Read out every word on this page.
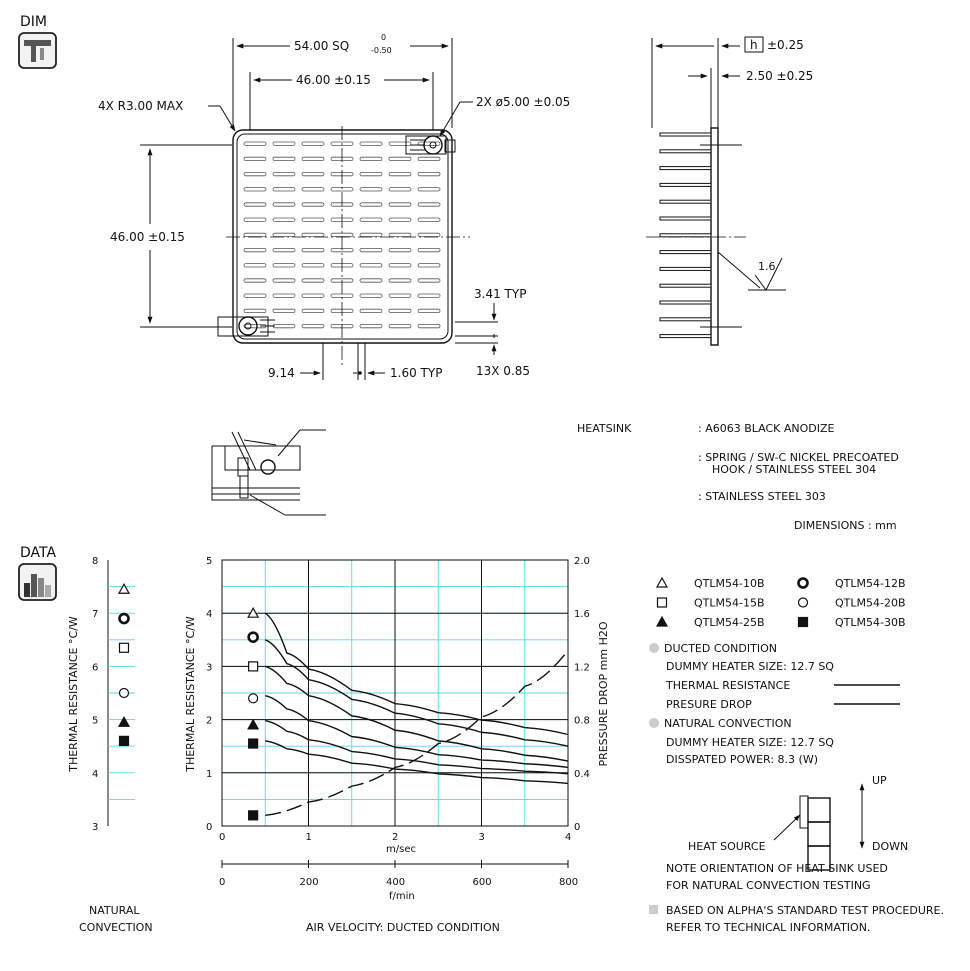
DIM
54.00 SQ
0
-0.50
46.00 ±0.15
46.00 ±0.15
4X R3.00 MAX	2X ø5.00 ±0.05
3.41 TYP
13X 0.85
9.14	1.60 TYP
h ±0.25
2.50 ±0.25
1.6
HEATSINK	: A6063 BLACK ANODIZE
: SPRING / SW-C NICKEL PRECOATED
HOOK / STAINLESS STEEL 304
: STAINLESS STEEL 303
DIMENSIONS : mm
DATA
3
4
5
6
7
8
THERMAL RESISTANCE °C/W
0
1
2
3
4
5
0
0.4
0.8
1.2
1.6
2.0
0	1	2	3	4
0	200	400	600	800
THERMAL RESISTANCE °C/W	PRESSURE DROP mm H2O
m/sec
f/min
NATURAL
CONVECTION	AIR VELOCITY: DUCTED CONDITION
QTLM54-10B	QTLM54-12B
QTLM54-15B	QTLM54-20B
QTLM54-25B	QTLM54-30B
DUCTED CONDITION
DUMMY HEATER SIZE: 12.7 SQ
THERMAL RESISTANCE
PRESURE DROP
NATURAL CONVECTION
DUMMY HEATER SIZE: 12.7 SQ
DISSPATED POWER: 8.3 (W)
HEAT SOURCE
UP
DOWN
NOTE ORIENTATION OF HEAT SINK USED
FOR NATURAL CONVECTION TESTING
BASED ON ALPHA'S STANDARD TEST PROCEDURE.
REFER TO TECHNICAL INFORMATION.
